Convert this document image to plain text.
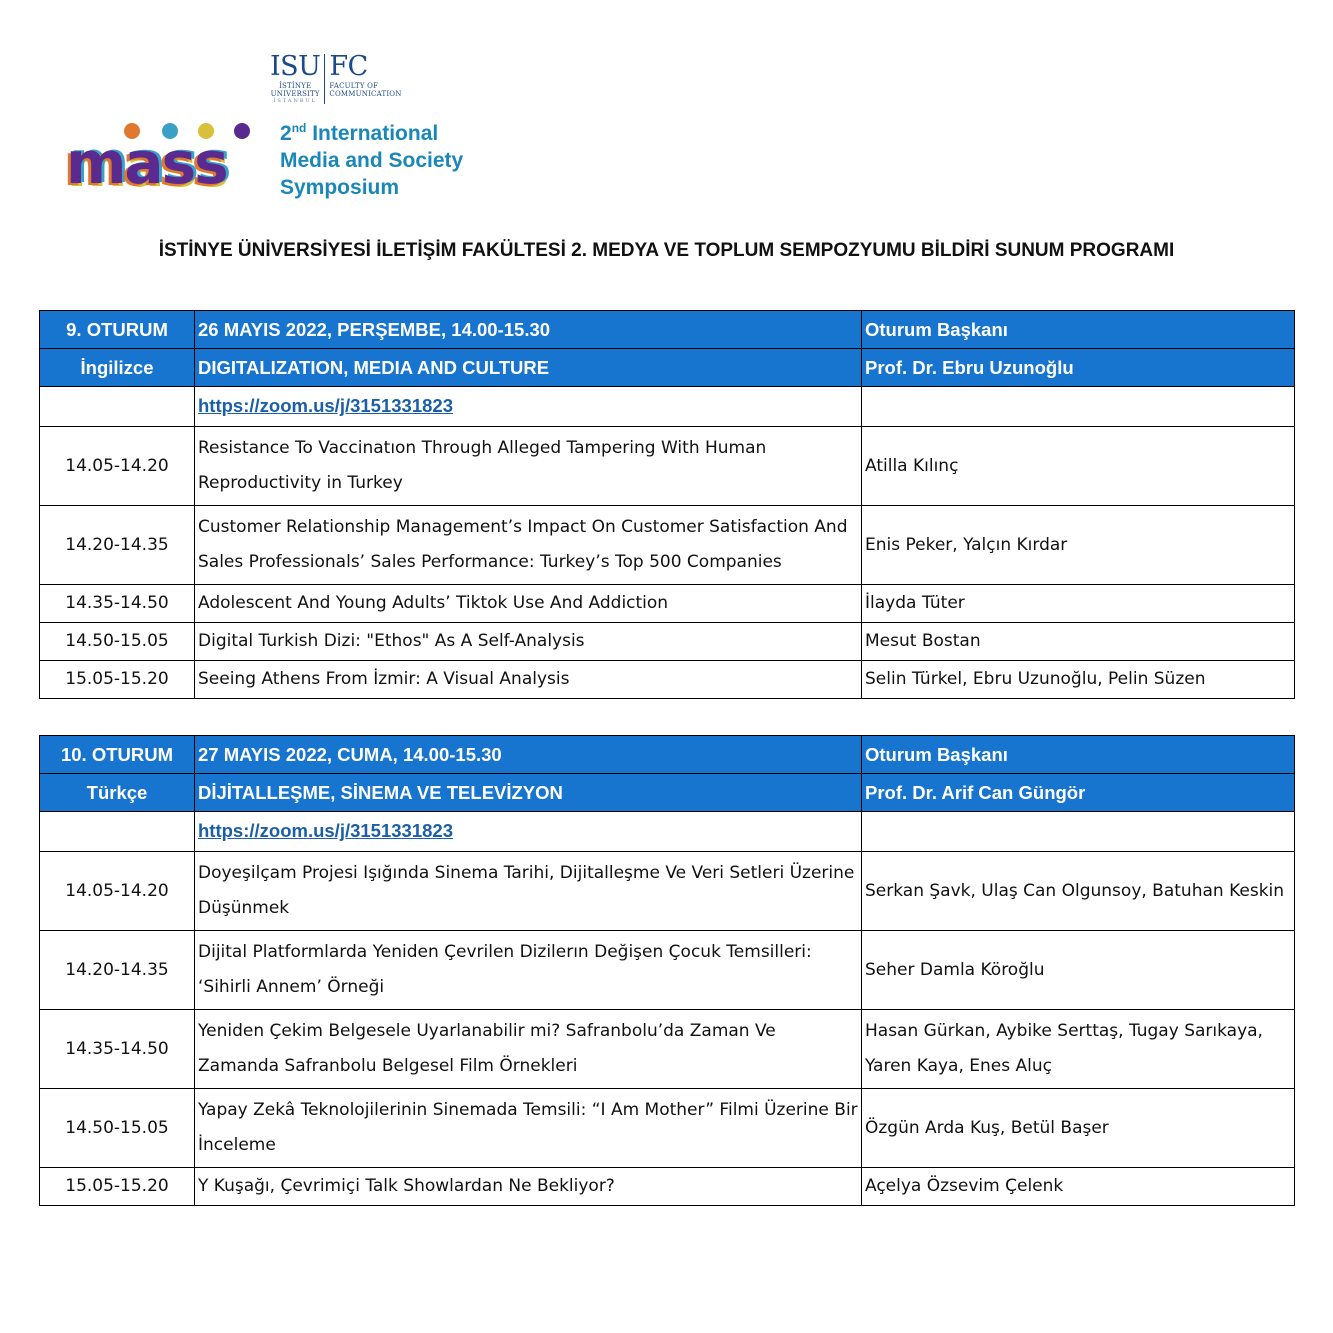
ISU
İSTİNYE
UNIVERSITY
İSTANBUL
FC
FACULTY OF
COMMUNICATION
mass	2nd International
Media and Society
Symposium
İSTİNYE ÜNİVERSİYESİ İLETİŞİM FAKÜLTESİ 2. MEDYA VE TOPLUM SEMPOZYUMU BİLDİRİ SUNUM PROGRAMI
9. OTURUM	26 MAYIS 2022, PERŞEMBE, 14.00-15.30	Oturum Başkanı
İngilizce	DIGITALIZATION, MEDIA AND CULTURE	Prof. Dr. Ebru Uzunoğlu
	https://zoom.us/j/3151331823	
14.05-14.20	Resistance To Vaccinatıon Through Alleged Tampering With Human Reproductivity in Turkey	Atilla Kılınç
14.20-14.35	Customer Relationship Management’s Impact On Customer Satisfaction And Sales Professionals’ Sales Performance: Turkey’s Top 500 Companies	Enis Peker, Yalçın Kırdar
14.35-14.50	Adolescent And Young Adults’ Tiktok Use And Addiction	İlayda Tüter
14.50-15.05	Digital Turkish Dizi: "Ethos" As A Self-Analysis	Mesut Bostan
15.05-15.20	Seeing Athens From İzmir: A Visual Analysis	Selin Türkel, Ebru Uzunoğlu, Pelin Süzen
10. OTURUM	27 MAYIS 2022, CUMA, 14.00-15.30	Oturum Başkanı
Türkçe	DİJİTALLEŞME, SİNEMA VE TELEVİZYON	Prof. Dr. Arif Can Güngör
	https://zoom.us/j/3151331823	
14.05-14.20	Doyeşilçam Projesi Işığında Sinema Tarihi, Dijitalleşme Ve Veri Setleri Üzerine Düşünmek	Serkan Şavk, Ulaş Can Olgunsoy, Batuhan Keskin
14.20-14.35	Dijital Platformlarda Yeniden Çevrilen Dizilerın Değişen Çocuk Temsilleri: ‘Sihirli Annem’ Örneği	Seher Damla Köroğlu
14.35-14.50	Yeniden Çekim Belgesele Uyarlanabilir mi? Safranbolu’da Zaman Ve Zamanda Safranbolu Belgesel Film Örnekleri	Hasan Gürkan, Aybike Serttaş, Tugay Sarıkaya, Yaren Kaya, Enes Aluç
14.50-15.05	Yapay Zekâ Teknolojilerinin Sinemada Temsili: “I Am Mother” Filmi Üzerine Bir İnceleme	Özgün Arda Kuş, Betül Başer
15.05-15.20	Y Kuşağı, Çevrimiçi Talk Showlardan Ne Bekliyor?	Açelya Özsevim Çelenk
